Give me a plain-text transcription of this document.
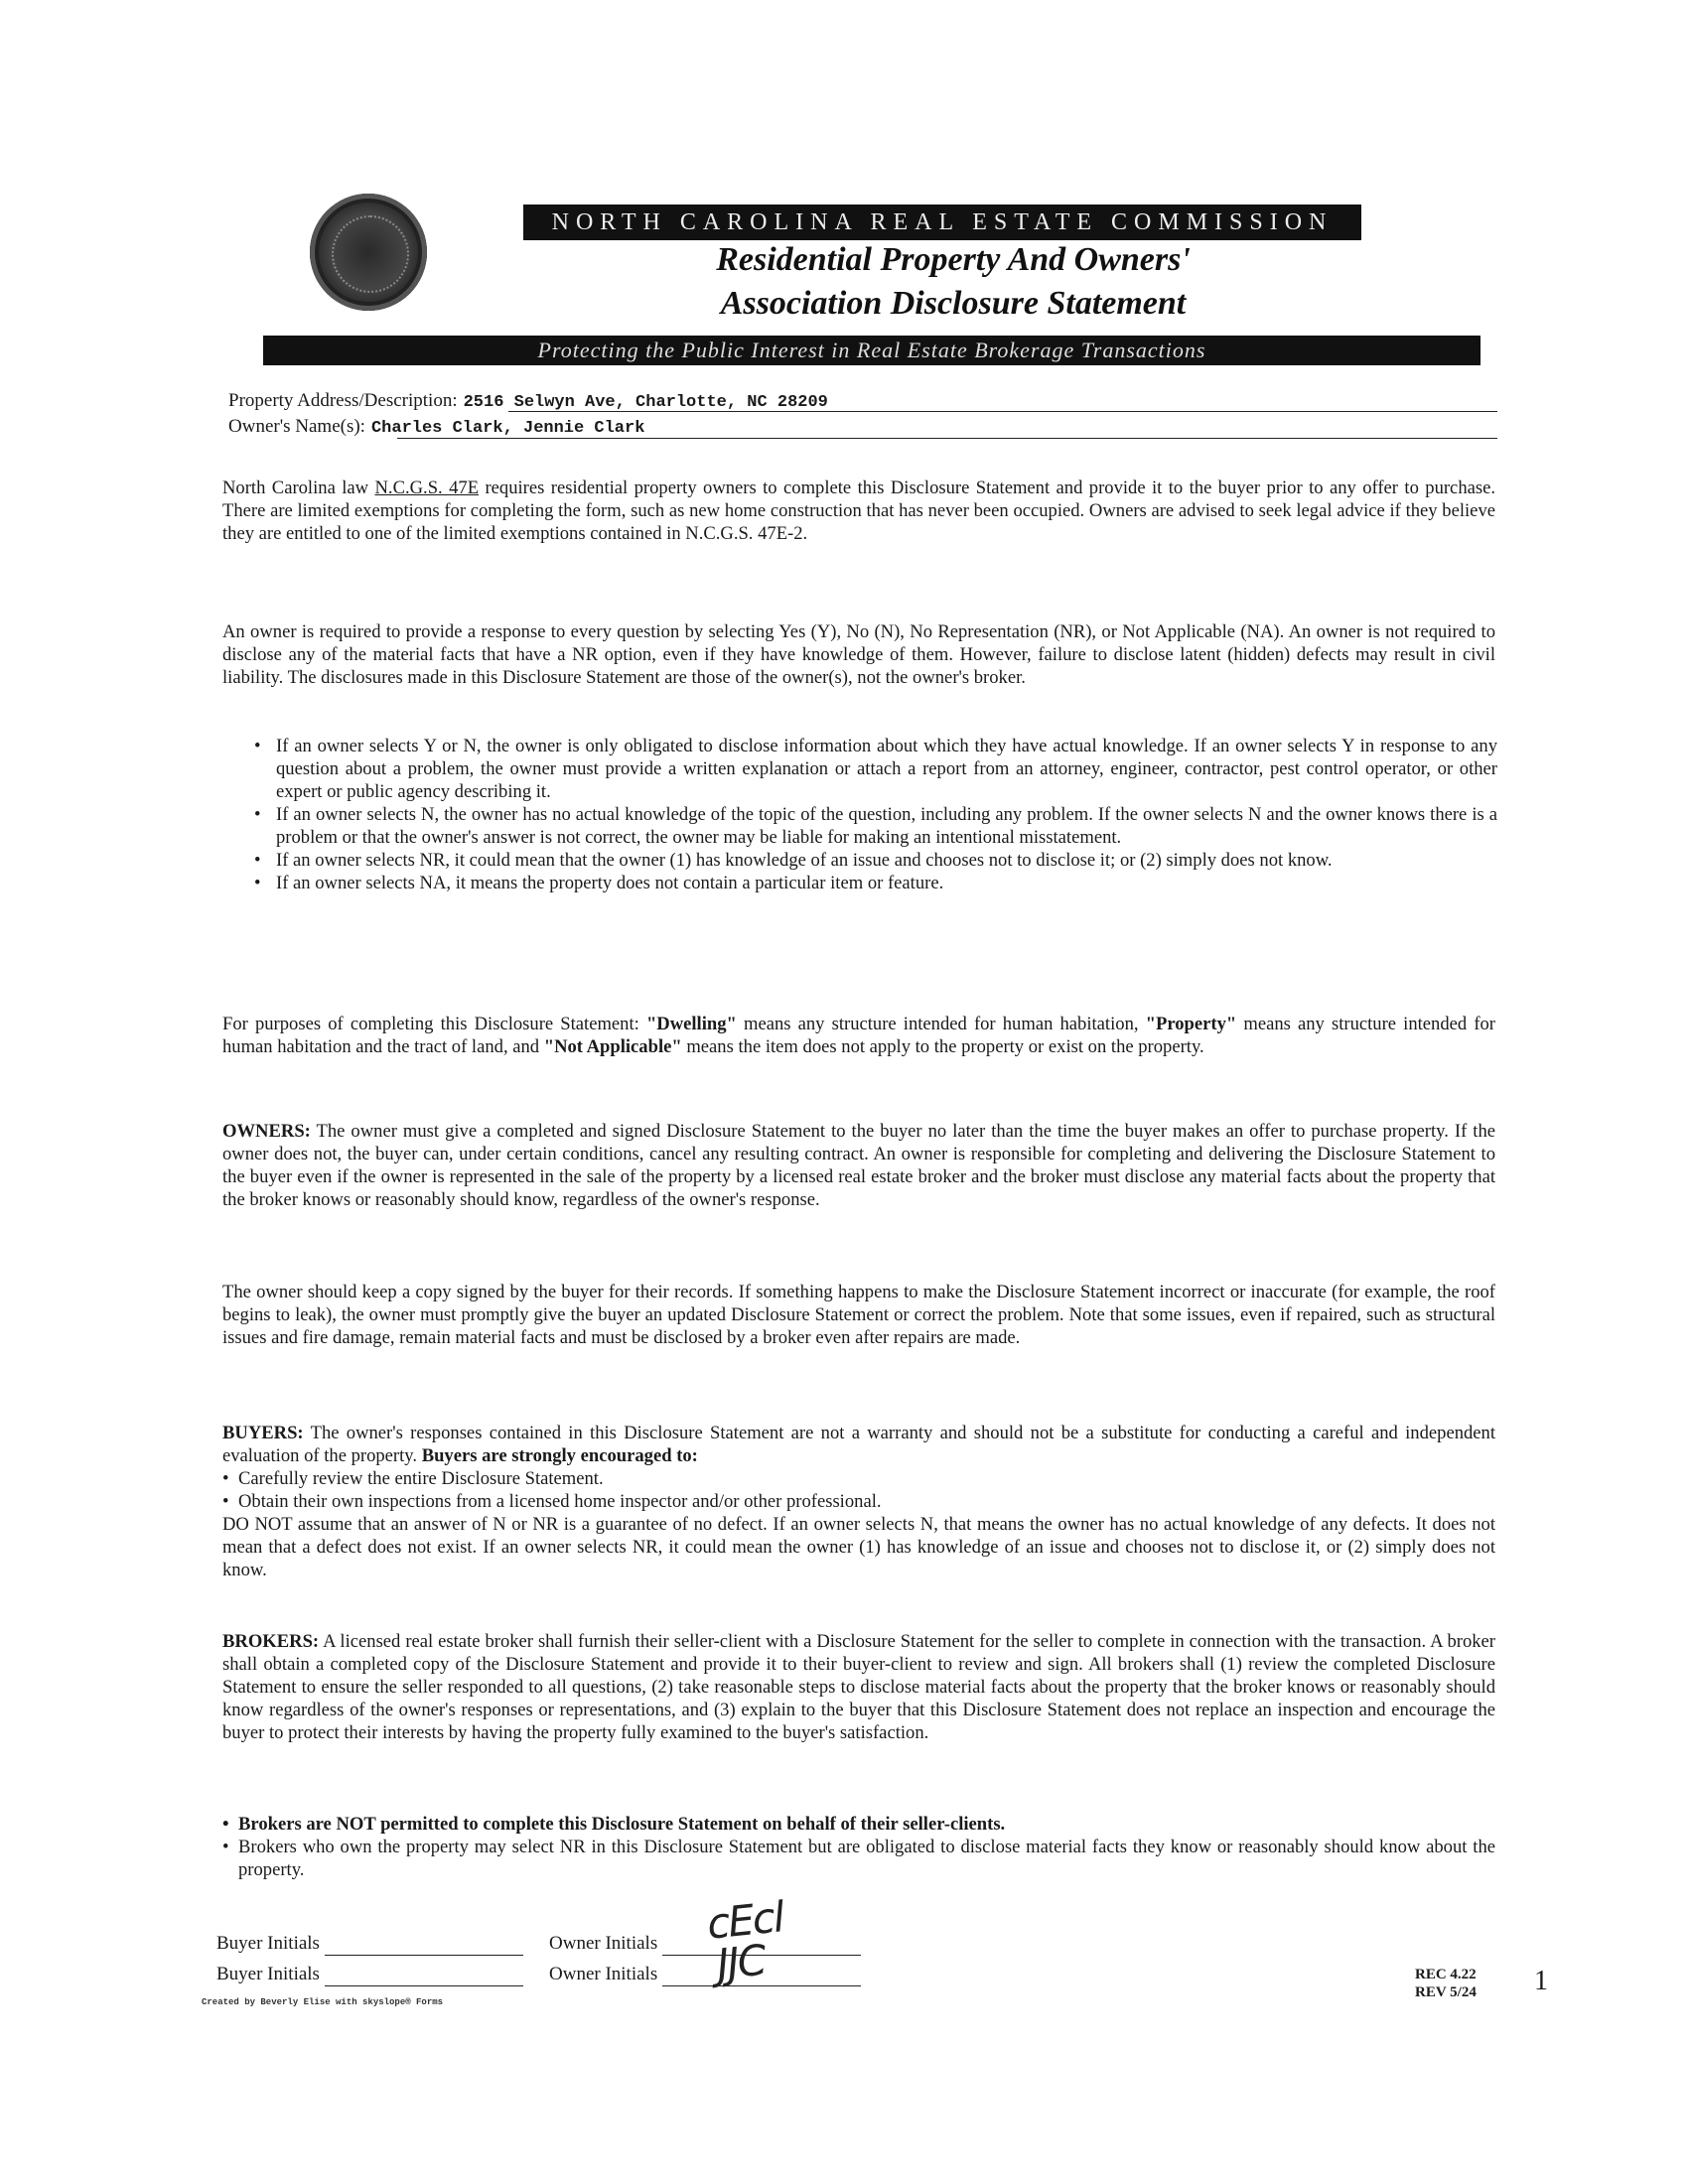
NORTH CAROLINA REAL ESTATE COMMISSION
Residential Property And Owners'
Association Disclosure Statement
Protecting the Public Interest in Real Estate Brokerage Transactions
Property Address/Description: 2516 Selwyn Ave, Charlotte, NC 28209
Owner's Name(s): Charles Clark, Jennie Clark

North Carolina law N.C.G.S. 47E requires residential property owners to complete this Disclosure Statement and provide it to the buyer prior to any offer to purchase. There are limited exemptions for completing the form, such as new home construction that has never been occupied. Owners are advised to seek legal advice if they believe they are entitled to one of the limited exemptions contained in N.C.G.S. 47E-2.

An owner is required to provide a response to every question by selecting Yes (Y), No (N), No Representation (NR), or Not Applicable (NA). An owner is not required to disclose any of the material facts that have a NR option, even if they have knowledge of them. However, failure to disclose latent (hidden) defects may result in civil liability. The disclosures made in this Disclosure Statement are those of the owner(s), not the owner's broker.

• If an owner selects Y or N, the owner is only obligated to disclose information about which they have actual knowledge. If an owner selects Y in response to any question about a problem, the owner must provide a written explanation or attach a report from an attorney, engineer, contractor, pest control operator, or other expert or public agency describing it.
• If an owner selects N, the owner has no actual knowledge of the topic of the question, including any problem. If the owner selects N and the owner knows there is a problem or that the owner's answer is not correct, the owner may be liable for making an intentional misstatement.
• If an owner selects NR, it could mean that the owner (1) has knowledge of an issue and chooses not to disclose it; or (2) simply does not know.
• If an owner selects NA, it means the property does not contain a particular item or feature.

For purposes of completing this Disclosure Statement: "Dwelling" means any structure intended for human habitation, "Property" means any structure intended for human habitation and the tract of land, and "Not Applicable" means the item does not apply to the property or exist on the property.

OWNERS: The owner must give a completed and signed Disclosure Statement to the buyer no later than the time the buyer makes an offer to purchase property. If the owner does not, the buyer can, under certain conditions, cancel any resulting contract. An owner is responsible for completing and delivering the Disclosure Statement to the buyer even if the owner is represented in the sale of the property by a licensed real estate broker and the broker must disclose any material facts about the property that the broker knows or reasonably should know, regardless of the owner's response.

The owner should keep a copy signed by the buyer for their records. If something happens to make the Disclosure Statement incorrect or inaccurate (for example, the roof begins to leak), the owner must promptly give the buyer an updated Disclosure Statement or correct the problem. Note that some issues, even if repaired, such as structural issues and fire damage, remain material facts and must be disclosed by a broker even after repairs are made.

BUYERS: The owner's responses contained in this Disclosure Statement are not a warranty and should not be a substitute for conducting a careful and independent evaluation of the property. Buyers are strongly encouraged to:

• Carefully review the entire Disclosure Statement.
• Obtain their own inspections from a licensed home inspector and/or other professional.

DO NOT assume that an answer of N or NR is a guarantee of no defect. If an owner selects N, that means the owner has no actual knowledge of any defects. It does not mean that a defect does not exist. If an owner selects NR, it could mean the owner (1) has knowledge of an issue and chooses not to disclose it, or (2) simply does not know.

BROKERS: A licensed real estate broker shall furnish their seller-client with a Disclosure Statement for the seller to complete in connection with the transaction. A broker shall obtain a completed copy of the Disclosure Statement and provide it to their buyer-client to review and sign. All brokers shall (1) review the completed Disclosure Statement to ensure the seller responded to all questions, (2) take reasonable steps to disclose material facts about the property that the broker knows or reasonably should know regardless of the owner's responses or representations, and (3) explain to the buyer that this Disclosure Statement does not replace an inspection and encourage the buyer to protect their interests by having the property fully examined to the buyer's satisfaction.

• Brokers are NOT permitted to complete this Disclosure Statement on behalf of their seller-clients.
• Brokers who own the property may select NR in this Disclosure Statement but are obligated to disclose material facts they know or reasonably should know about the property.
Buyer Initials
Buyer Initials
Owner Initials
Owner Initials
cEcl
JJC
Created by Beverly Elise with skyslope® Forms
REC 4.22
REV 5/24 1
